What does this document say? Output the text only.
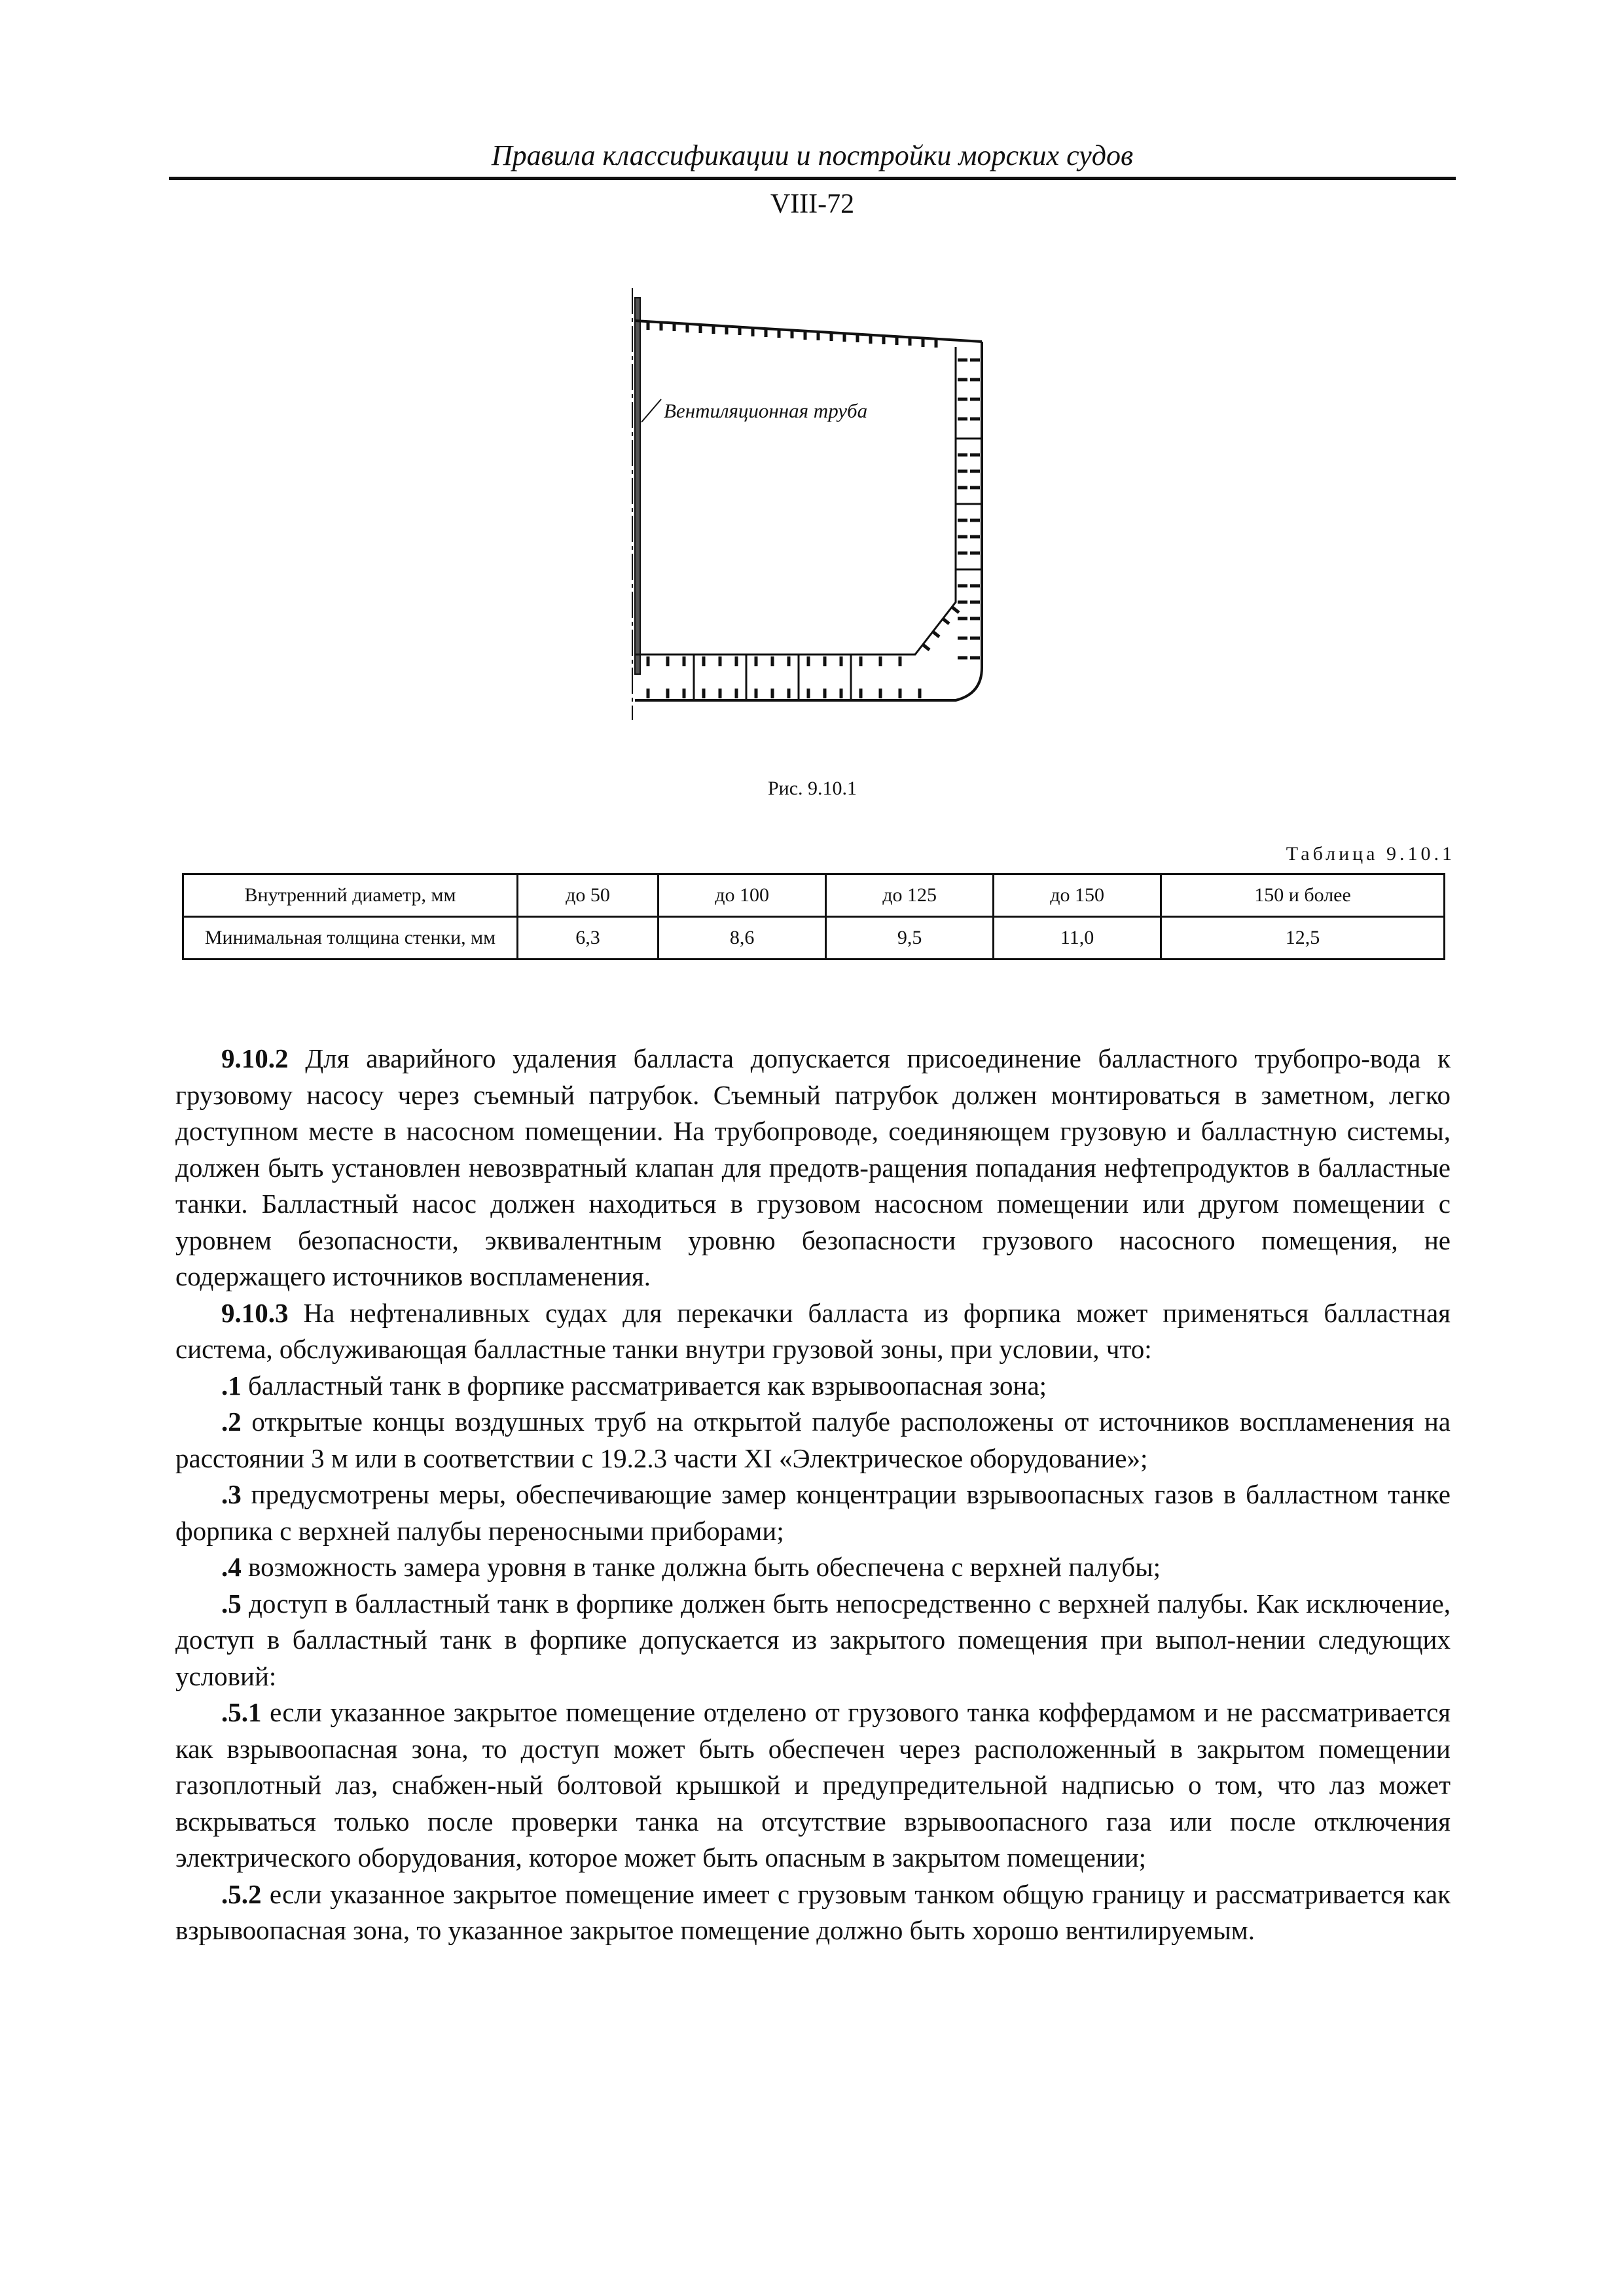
Правила классификации и постройки морских судов
VIII-72
Вентиляционная труба
Рис. 9.10.1
Таблица 9.10.1
Внутренний диаметр, мм	до 50	до 100	до 125	до 150	150 и более
Минимальная толщина стенки, мм	6,3	8,6	9,5	11,0	12,5

9.10.2 Для аварийного удаления балласта допускается присоединение балластного трубопро-вода к грузовому насосу через съемный патрубок. Съемный патрубок должен монтироваться в заметном, легко доступном месте в насосном помещении. На трубопроводе, соединяющем грузовую и балластную системы, должен быть установлен невозвратный клапан для предотв-ращения попадания нефтепродуктов в балластные танки. Балластный насос должен находиться в грузовом насосном помещении или другом помещении с уровнем безопасности, эквивалентным уровню безопасности грузового насосного помещения, не содержащего источников воспламенения.

9.10.3 На нефтеналивных судах для перекачки балласта из форпика может применяться балластная система, обслуживающая балластные танки внутри грузовой зоны, при условии, что:

.1 балластный танк в форпике рассматривается как взрывоопасная зона;

.2 открытые концы воздушных труб на открытой палубе расположены от источников воспламенения на расстоянии 3 м или в соответствии с 19.2.3 части XI «Электрическое оборудование»;

.3 предусмотрены меры, обеспечивающие замер концентрации взрывоопасных газов в балластном танке форпика с верхней палубы переносными приборами;

.4 возможность замера уровня в танке должна быть обеспечена с верхней палубы;

.5 доступ в балластный танк в форпике должен быть непосредственно с верхней палубы. Как исключение, доступ в балластный танк в форпике допускается из закрытого помещения при выпол-нении следующих условий:

.5.1 если указанное закрытое помещение отделено от грузового танка коффердамом и не рассматривается как взрывоопасная зона, то доступ может быть обеспечен через расположенный в закрытом помещении газоплотный лаз, снабжен-ный болтовой крышкой и предупредительной надписью о том, что лаз может вскрываться только после проверки танка на отсутствие взрывоопасного газа или после отключения электрического оборудования, которое может быть опасным в закрытом помещении;

.5.2 если указанное закрытое помещение имеет с грузовым танком общую границу и рассматривается как взрывоопасная зона, то указанное закрытое помещение должно быть хорошо вентилируемым.
